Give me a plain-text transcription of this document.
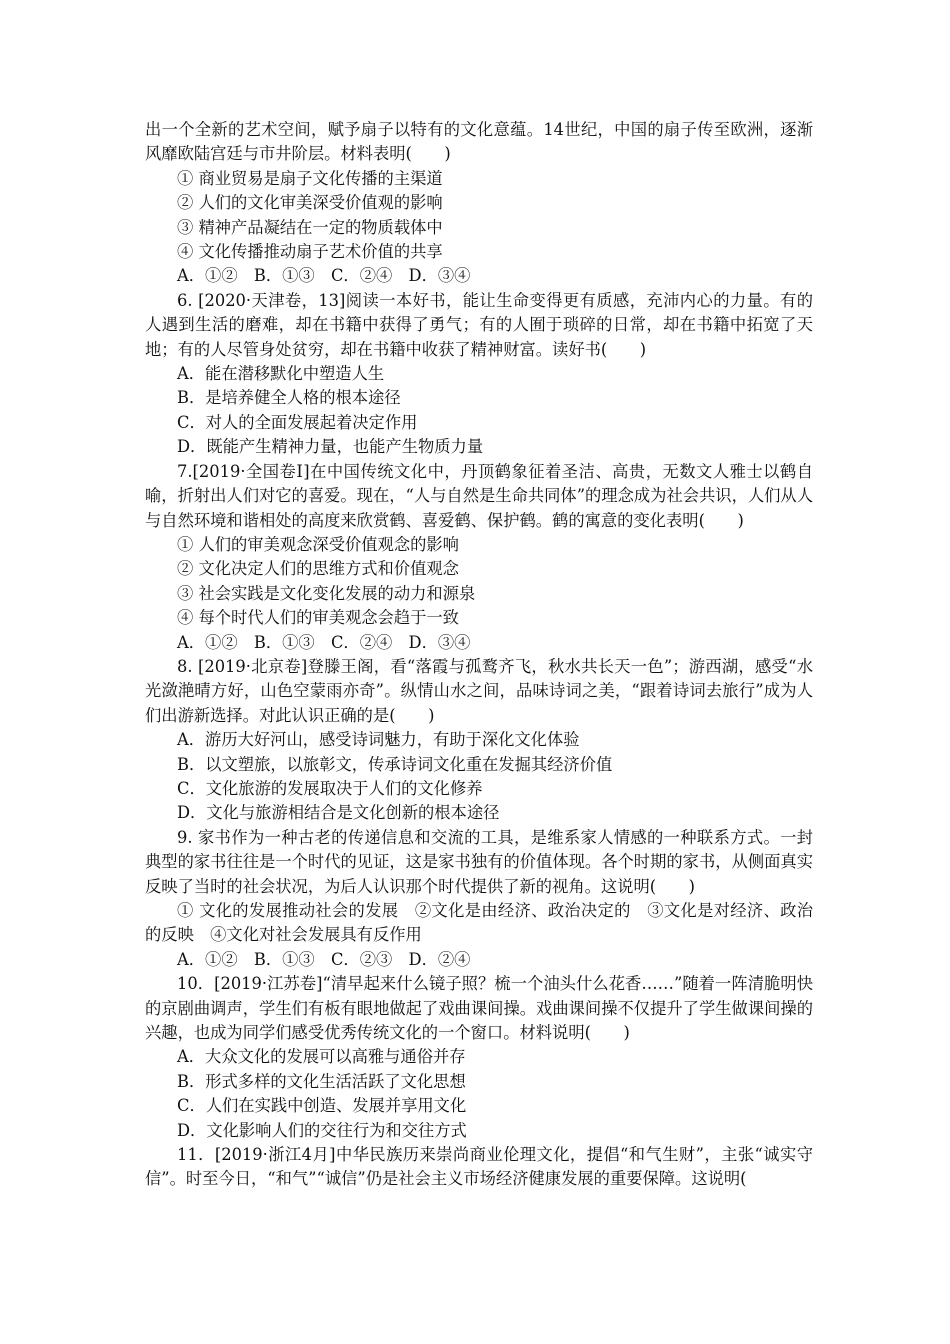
出一个全新的艺术空间，赋予扇子以特有的文化意蕴。14世纪，中国的扇子传至欧洲，逐渐风靡欧陆宫廷与市井阶层。材料表明(　　)

① 商业贸易是扇子文化传播的主渠道

② 人们的文化审美深受价值观的影响

③ 精神产品凝结在一定的物质载体中

④ 文化传播推动扇子艺术价值的共享

A．①②　B．①③　C．②④　D．③④

6. [2020·天津卷，13]阅读一本好书，能让生命变得更有质感，充沛内心的力量。有的人遇到生活的磨难，却在书籍中获得了勇气；有的人囿于琐碎的日常，却在书籍中拓宽了天地；有的人尽管身处贫穷，却在书籍中收获了精神财富。读好书(　　)

A．能在潜移默化中塑造人生

B．是培养健全人格的根本途径

C．对人的全面发展起着决定作用

D．既能产生精神力量，也能产生物质力量

7.[2019·全国卷Ⅰ]在中国传统文化中，丹顶鹤象征着圣洁、高贵，无数文人雅士以鹤自喻，折射出人们对它的喜爱。现在，“人与自然是生命共同体”的理念成为社会共识，人们从人与自然环境和谐相处的高度来欣赏鹤、喜爱鹤、保护鹤。鹤的寓意的变化表明(　　)

① 人们的审美观念深受价值观念的影响

② 文化决定人们的思维方式和价值观念

③ 社会实践是文化变化发展的动力和源泉

④ 每个时代人们的审美观念会趋于一致

A．①②　B．①③　C．②④　D．③④

8. [2019·北京卷]登滕王阁，看“落霞与孤鹜齐飞，秋水共长天一色”；游西湖，感受“水光潋滟晴方好，山色空蒙雨亦奇”。纵情山水之间，品味诗词之美，“跟着诗词去旅行”成为人们出游新选择。对此认识正确的是(　　)

A．游历大好河山，感受诗词魅力，有助于深化文化体验

B．以文塑旅，以旅彰文，传承诗词文化重在发掘其经济价值

C．文化旅游的发展取决于人们的文化修养

D．文化与旅游相结合是文化创新的根本途径

9. 家书作为一种古老的传递信息和交流的工具，是维系家人情感的一种联系方式。一封典型的家书往往是一个时代的见证，这是家书独有的价值体现。各个时期的家书，从侧面真实反映了当时的社会状况，为后人认识那个时代提供了新的视角。这说明(　　)

① 文化的发展推动社会的发展　②文化是由经济、政治决定的　③文化是对经济、政治的反映　④文化对社会发展具有反作用

A．①②　B．①③　C．②③　D．②④

10．[2019·江苏卷]“清早起来什么镜子照？梳一个油头什么花香……”随着一阵清脆明快的京剧曲调声，学生们有板有眼地做起了戏曲课间操。戏曲课间操不仅提升了学生做课间操的兴趣，也成为同学们感受优秀传统文化的一个窗口。材料说明(　　)

A．大众文化的发展可以高雅与通俗并存

B．形式多样的文化生活活跃了文化思想

C．人们在实践中创造、发展并享用文化

D．文化影响人们的交往行为和交往方式

11．[2019·浙江4月]中华民族历来崇尚商业伦理文化，提倡“和气生财”，主张“诚实守信”。时至今日，“和气”“诚信”仍是社会主义市场经济健康发展的重要保障。这说明(
